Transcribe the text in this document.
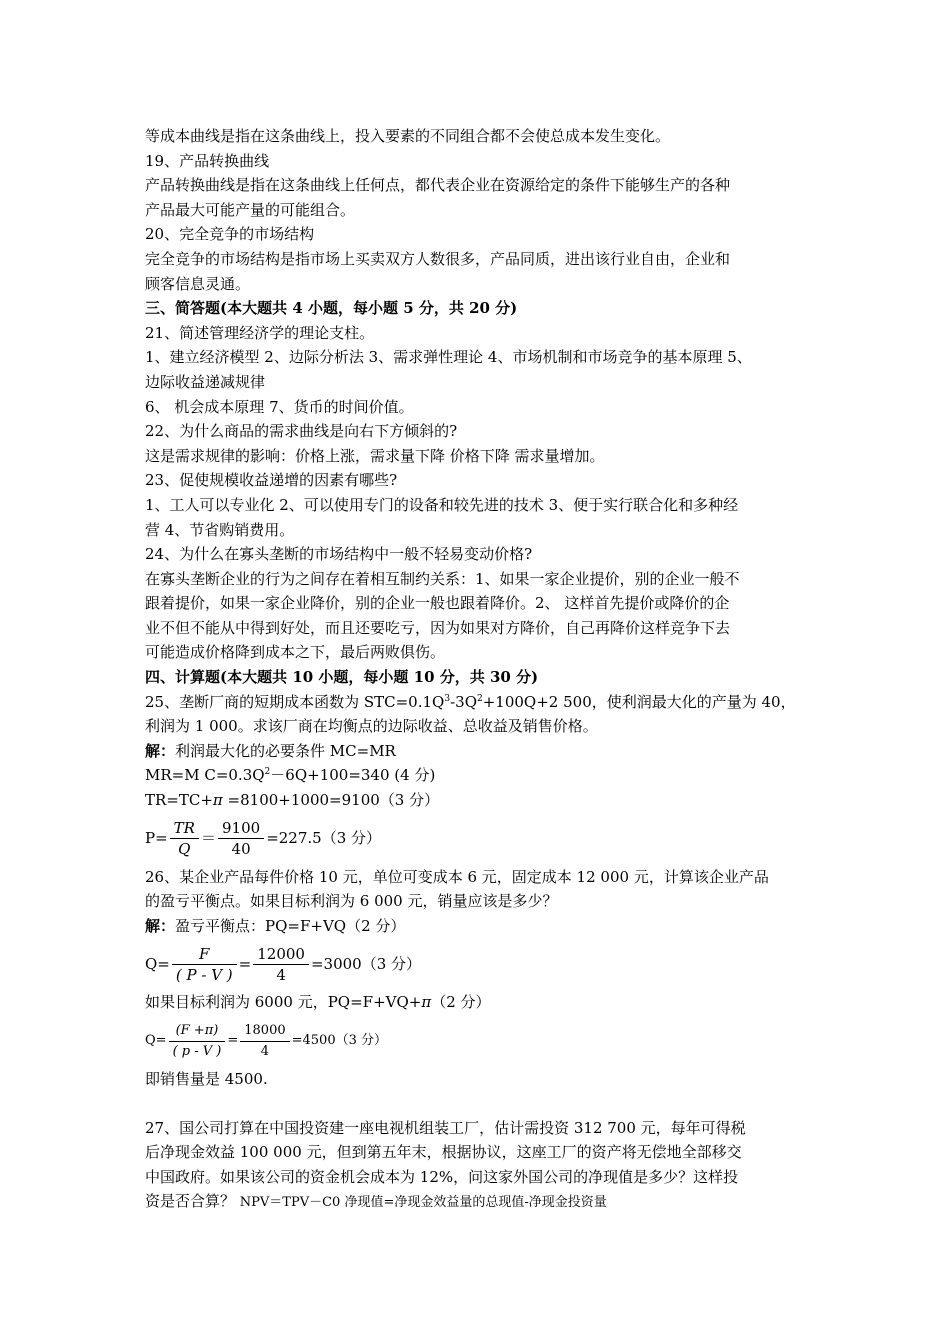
等成本曲线是指在这条曲线上，投入要素的不同组合都不会使总成本发生变化。

19、产品转换曲线

产品转换曲线是指在这条曲线上任何点，都代表企业在资源给定的条件下能够生产的各种

产品最大可能产量的可能组合。

20、完全竞争的市场结构

完全竞争的市场结构是指市场上买卖双方人数很多，产品同质，进出该行业自由，企业和

顾客信息灵通。

三、简答题(本大题共 4 小题，每小题 5 分，共 20 分)

21、简述管理经济学的理论支柱。

1、建立经济模型 2、边际分析法 3、需求弹性理论 4、市场机制和市场竞争的基本原理 5、

边际收益递减规律

6、 机会成本原理 7、货币的时间价值。

22、为什么商品的需求曲线是向右下方倾斜的?

这是需求规律的影响：价格上涨，需求量下降 价格下降 需求量增加。

23、促使规模收益递增的因素有哪些?

1、工人可以专业化 2、可以使用专门的设备和较先进的技术 3、便于实行联合化和多种经

营 4、节省购销费用。

24、为什么在寡头垄断的市场结构中一般不轻易变动价格?

在寡头垄断企业的行为之间存在着相互制约关系：1、如果一家企业提价，别的企业一般不

跟着提价，如果一家企业降价，别的企业一般也跟着降价。2、 这样首先提价或降价的企

业不但不能从中得到好处，而且还要吃亏，因为如果对方降价，自己再降价这样竞争下去

可能造成价格降到成本之下，最后两败俱伤。

四、计算题(本大题共 10 小题，每小题 10 分，共 30 分)

25、垄断厂商的短期成本函数为 $STC=0.1Q^3-3Q^2+100Q+2$ 500，使利润最大化的产量为 40，

利润为 1 000。求该厂商在均衡点的边际收益、总收益及销售价格。

解：利润最大化的必要条件 MC=MR

MR=M $C=0.3Q^2-6Q+100=340$ (4 分)

TR=TC+π =8100+1000=9100（3 分）

$P= \frac{TR}{Q} = \frac{9100}{40} =227.5(3$ 分）

26、某企业产品每件价格 10 元，单位可变成本 6 元，固定成本 12 000 元，计算该企业产品

的盈亏平衡点。如果目标利润为 6 000 元，销量应该是多少？

解：盈亏平衡点：PQ=F+VQ（2 分）

$Q= \frac{F}{( P - V )} = \frac{12000}{4} =3000(3$ 分）

如果目标利润为 6000 元，PQ=F+VQ+π（2 分）

$Q= \frac{(F +\pi)}{( p - V )} = \frac{18000}{4} =4500(3$ 分）

即销售量是 4500.

27、国公司打算在中国投资建一座电视机组装工厂，估计需投资 312 700 元，每年可得税

后净现金效益 100 000 元，但到第五年末，根据协议，这座工厂的资产将无偿地全部移交

中国政府。如果该公司的资金机会成本为 12%，问这家外国公司的净现值是多少？这样投

资是否合算？ NPV＝TPV－C0 净现值=净现金效益量的总现值-净现金投资量
